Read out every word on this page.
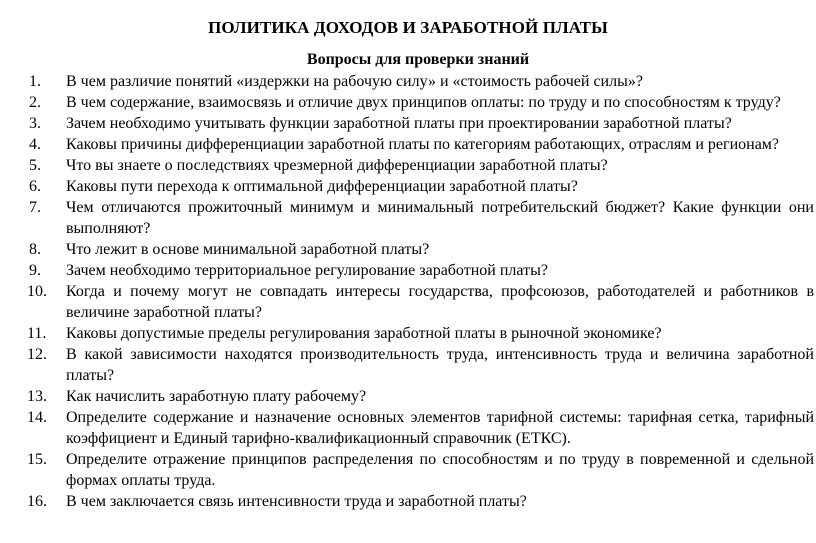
ПОЛИТИКА ДОХОДОВ И ЗАРАБОТНОЙ ПЛАТЫ
Вопросы для проверки знаний
1.	В чем различие понятий «издержки на рабочую силу» и «стоимость рабочей силы»?
2.	В чем содержание, взаимосвязь и отличие двух принципов оплаты: по труду и по способностям к труду?
3.	Зачем необходимо учитывать функции заработной платы при проектировании заработной платы?
4.	Каковы причины дифференциации заработной платы по категориям работающих, отраслям и регионам?
5.	Что вы знаете о последствиях чрезмерной дифференциации заработной платы?
6.	Каковы пути перехода к оптимальной дифференциации заработной платы?
7.	Чем отличаются прожиточный минимум и минимальный потребительский бюджет? Какие функции они выполняют?
8.	Что лежит в основе минимальной заработной платы?
9.	Зачем необходимо территориальное регулирование заработной платы?
10.	Когда и почему могут не совпадать интересы государства, профсоюзов, работодателей и работников в величине заработной платы?
11.	Каковы допустимые пределы регулирования заработной платы в рыночной экономике?
12.	В какой зависимости находятся производительность труда, интенсивность труда и величина заработной платы?
13.	Как начислить заработную плату рабочему?
14.	Определите содержание и назначение основных элементов тарифной системы: тарифная сетка, тарифный коэффициент и Единый тарифно-квалификационный справочник (ЕТКС).
15.	Определите отражение принципов распределения по способностям и по труду в повременной и сдельной формах оплаты труда.
16.	В чем заключается связь интенсивности труда и заработной платы?
